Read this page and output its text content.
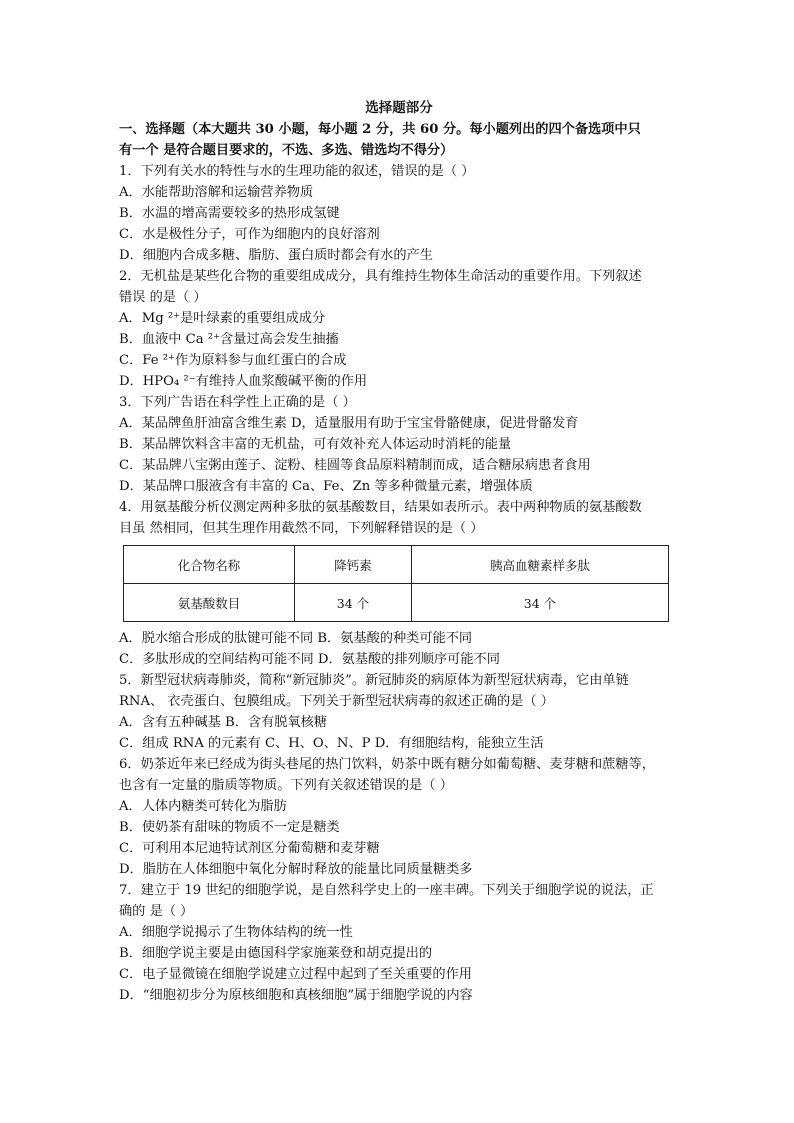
选择题部分
一、选择题（本大题共 30 小题，每小题 2 分，共 60 分。每小题列出的四个备选项中只
有一个 是符合题目要求的，不选、多选、错选均不得分）
1．下列有关水的特性与水的生理功能的叙述，错误的是（ ）
A．水能帮助溶解和运输营养物质
B．水温的增高需要较多的热形成氢键
C．水是极性分子，可作为细胞内的良好溶剂
D．细胞内合成多糖、脂肪、蛋白质时都会有水的产生
2．无机盐是某些化合物的重要组成成分，具有维持生物体生命活动的重要作用。下列叙述
错误 的是（ ）
A．Mg ²⁺是叶绿素的重要组成成分
B．血液中 Ca ²⁺含量过高会发生抽搐
C．Fe ²⁺作为原料参与血红蛋白的合成
D．HPO₄ ²⁻有维持人血浆酸碱平衡的作用
3．下列广告语在科学性上正确的是（ ）
A．某品牌鱼肝油富含维生素 D，适量服用有助于宝宝骨骼健康，促进骨骼发育
B．某品牌饮料含丰富的无机盐，可有效补充人体运动时消耗的能量
C．某品牌八宝粥由莲子、淀粉、桂圆等食品原料精制而成，适合糖尿病患者食用
D．某品牌口服液含有丰富的 Ca、Fe、Zn 等多种微量元素，增强体质
4．用氨基酸分析仪测定两种多肽的氨基酸数目，结果如表所示。表中两种物质的氨基酸数
目虽 然相同，但其生理作用截然不同，下列解释错误的是（ ）
化合物名称	降钙素	胰高血糖素样多肽
氨基酸数目	34 个	34 个
A．脱水缩合形成的肽键可能不同 B．氨基酸的种类可能不同
C．多肽形成的空间结构可能不同 D．氨基酸的排列顺序可能不同
5．新型冠状病毒肺炎，简称“新冠肺炎”。新冠肺炎的病原体为新型冠状病毒，它由单链
RNA、 衣壳蛋白、包膜组成。下列关于新型冠状病毒的叙述正确的是（ ）
A．含有五种碱基 B．含有脱氧核糖
C．组成 RNA 的元素有 C、H、O、N、P D．有细胞结构，能独立生活
6．奶茶近年来已经成为街头巷尾的热门饮料，奶茶中既有糖分如葡萄糖、麦芽糖和蔗糖等，
也含有一定量的脂质等物质。下列有关叙述错误的是（ ）
A．人体内糖类可转化为脂肪
B．使奶茶有甜味的物质不一定是糖类
C．可利用本尼迪特试剂区分葡萄糖和麦芽糖
D．脂肪在人体细胞中氧化分解时释放的能量比同质量糖类多
7．建立于 19 世纪的细胞学说，是自然科学史上的一座丰碑。下列关于细胞学说的说法，正
确的 是（ ）
A．细胞学说揭示了生物体结构的统一性
B．细胞学说主要是由德国科学家施莱登和胡克提出的
C．电子显微镜在细胞学说建立过程中起到了至关重要的作用
D．“细胞初步分为原核细胞和真核细胞”属于细胞学说的内容
